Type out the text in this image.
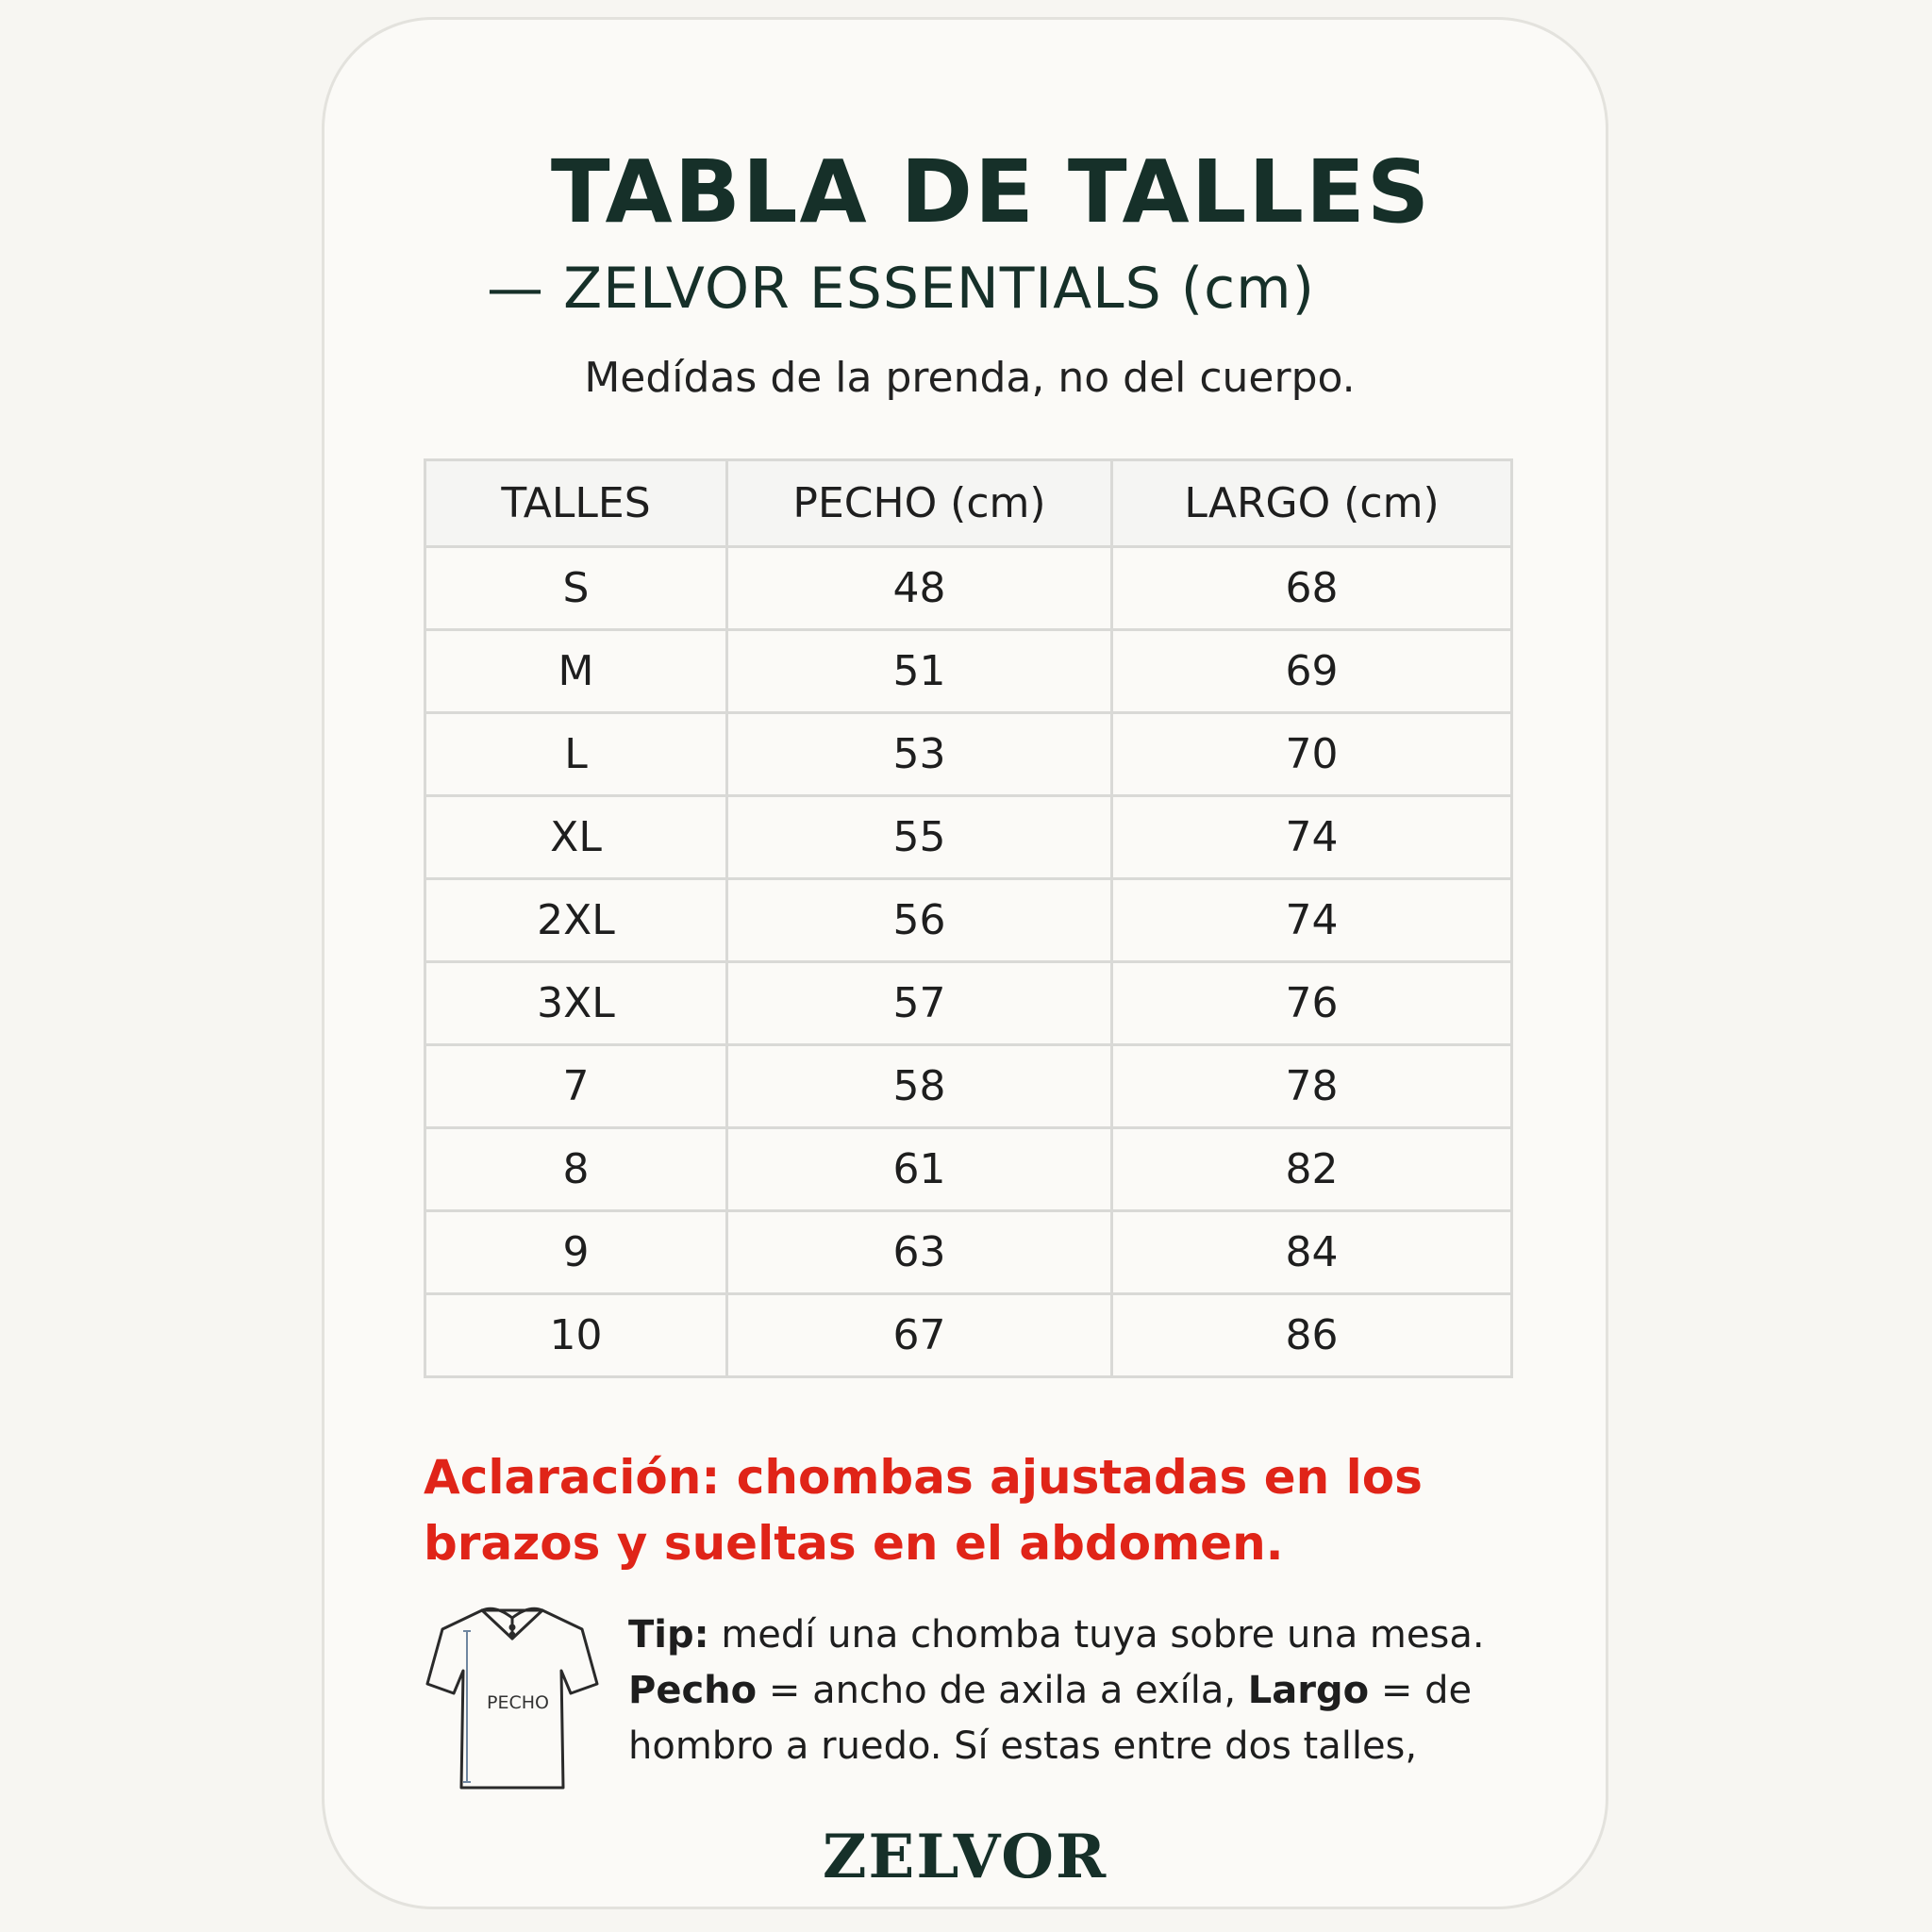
TABLA DE TALLES
— ZELVOR ESSENTIALS (cm)
Medídas de la prenda, no del cuerpo.
TALLES	PECHO (cm)	LARGO (cm)
S	48	68
M	51	69
L	53	70
XL	55	74
2XL	56	74
3XL	57	76
7	58	78
8	61	82
9	63	84
10	67	86
Aclaración: chombas ajustadas en los brazos y sueltas en el abdomen.
PECHO
Tip: medí una chomba tuya sobre una mesa.
Pecho = ancho de axila a exíla, Largo = de hombro a ruedo. Sí estas entre dos talles,
ZELVOR
